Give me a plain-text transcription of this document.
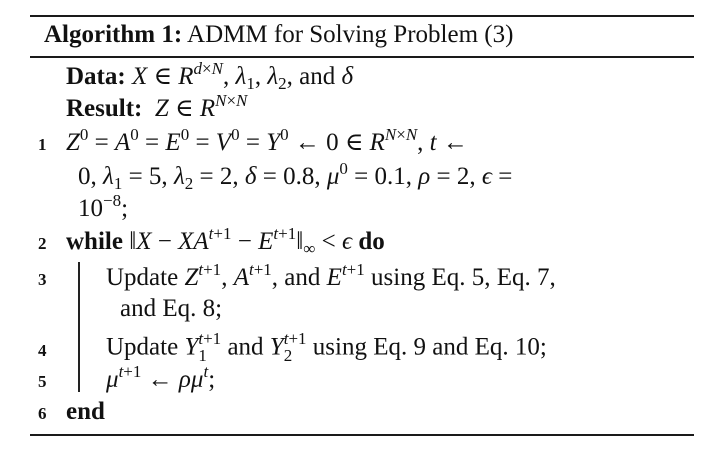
Algorithm 1: ADMM for Solving Problem (3)
Data: X ∈ $R^{d\times N}$, $\lambda_1$, $\lambda_2$, and δ
Result: Z ∈ $R^{N\times N}$
1 $Z^0 = A^0 = E^0 = V^0 = Y^0$ ← 0 ∈ $R^{N\times N}$, t ←
0, $\lambda_1 = 5$, $\lambda_2 = 2$, δ = 0.8, $\mu^0 = 0.1$, ρ = 2, ϵ =
$10^{-8}$;
2 while ‖X − $XA^{t+1}$ − $E^{t+1}‖_\infty < \epsilon$ do
3 Update $Z^{t+1}$, $A^{t+1}$, and $E^{t+1}$ using Eq. 5, Eq. 7,
and Eq. 8;
4 Update Y t+1
1 and Y t+1
2 using Eq. 9 and Eq. 10;
5 $\mu^{t+1}$ ← $\rho\mu^t$;
6 end
